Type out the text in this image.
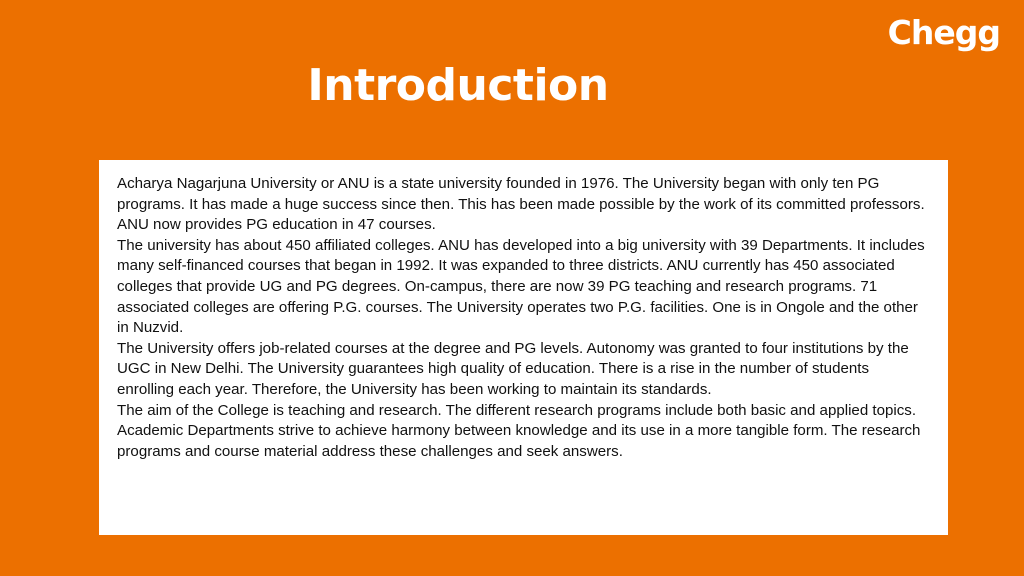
Chegg
Introduction

Acharya Nagarjuna University or ANU is a state university founded in 1976. The University began with only ten PG programs. It has made a huge success since then. This has been made possible by the work of its committed professors. ANU now provides PG education in 47 courses.

The university has about 450 affiliated colleges. ANU has developed into a big university with 39 Departments. It includes many self-financed courses that began in 1992. It was expanded to three districts. ANU currently has 450 associated colleges that provide UG and PG degrees. On-campus, there are now 39 PG teaching and research programs. 71 associated colleges are offering P.G. courses. The University operates two P.G. facilities. One is in Ongole and the other in Nuzvid.

The University offers job-related courses at the degree and PG levels. Autonomy was granted to four institutions by the UGC in New Delhi. The University guarantees high quality of education. There is a rise in the number of students enrolling each year. Therefore, the University has been working to maintain its standards.

The aim of the College is teaching and research. The different research programs include both basic and applied topics. Academic Departments strive to achieve harmony between knowledge and its use in a more tangible form. The research programs and course material address these challenges and seek answers.
